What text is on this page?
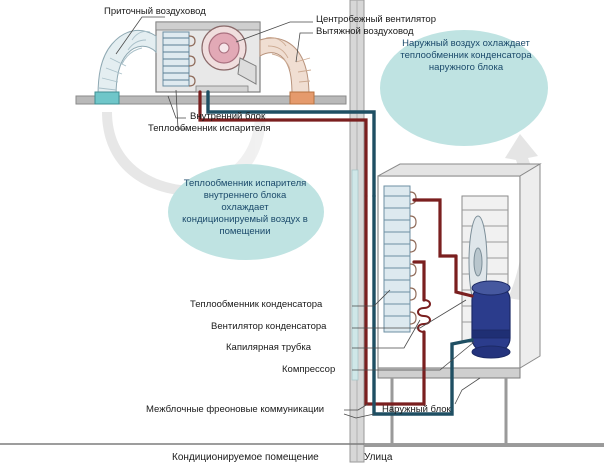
Приточный воздуховод
Центробежный вентилятор
Вытяжной воздуховод
Внутренний блок
Теплообменник испарителя
Теплообменник конденсатора
Вентилятор конденсатора
Капилярная трубка
Компрессор
Межблочные фреоновые коммуникации	Наружный блок
Теплообменник испарителя внутреннего блока охлаждает кондиционируемый воздух в помещении
Наружный воздух охлаждает теплообменник конденсатора наружного блока
Кондиционируемое помещение	Улица
